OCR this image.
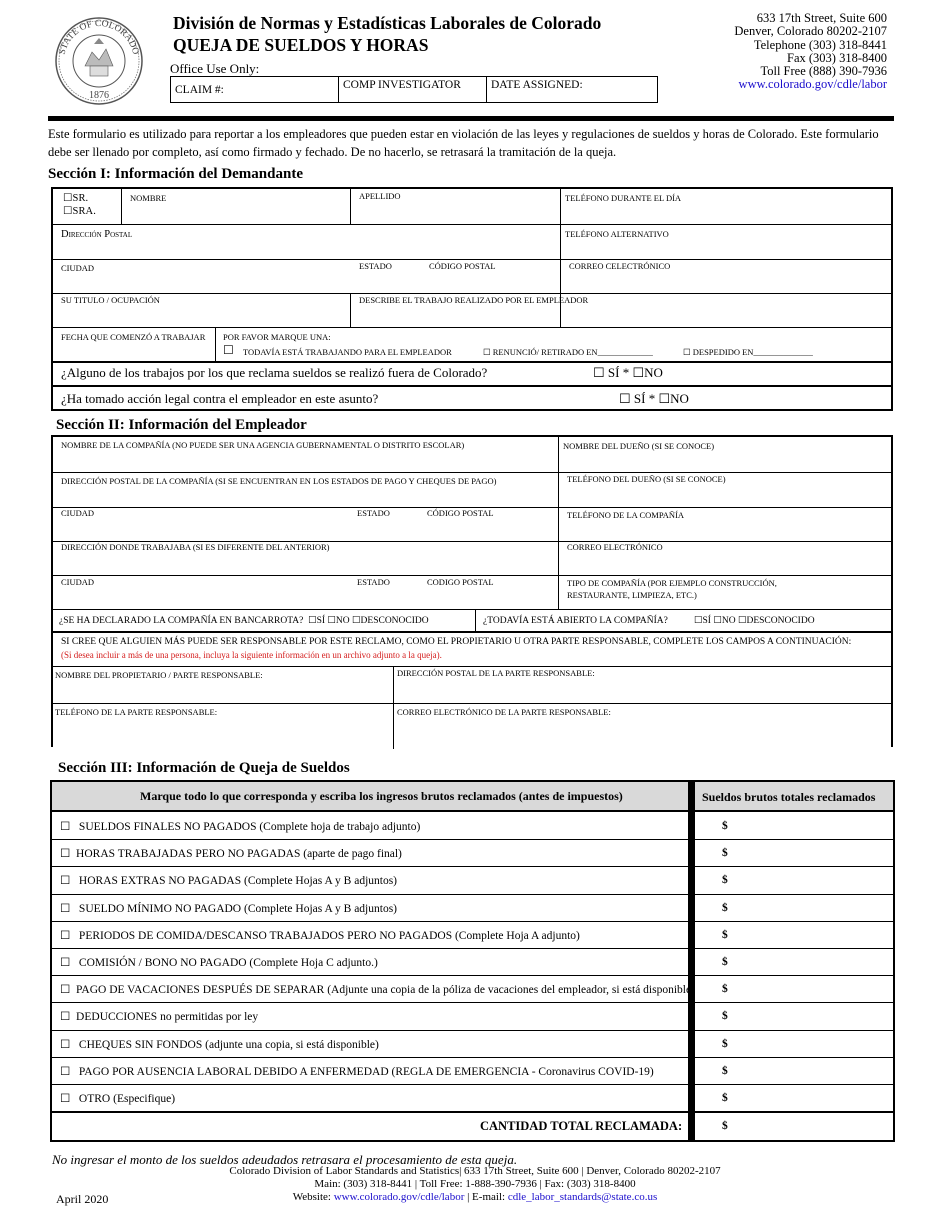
STATE OF COLORADO
1876
División de Normas y Estadísticas Laborales de Colorado
QUEJA DE SUELDOS Y HORAS
Office Use Only:
CLAIM #:	COMP INVESTIGATOR	DATE ASSIGNED:
633 17th Street, Suite 600
Denver, Colorado 80202-2107
Telephone (303) 318-8441
Fax (303) 318-8400
Toll Free (888) 390-7936
www.colorado.gov/cdle/labor
Este formulario es utilizado para reportar a los empleadores que pueden estar en violación de las leyes y regulaciones de sueldos y horas de Colorado. Este formulario debe ser llenado por completo, así como firmado y fechado. De no hacerlo, se retrasará la tramitación de la queja.
Sección I: Información del Demandante
☐SR.
☐SRA.
NOMBRE	APELLIDO	TELÉFONO DURANTE EL DÍA
Dirección Postal	TELÉFONO ALTERNATIVO
CIUDAD	ESTADO	CÓDIGO POSTAL	CORREO CELECTRÓNICO
SU TITULO / OCUPACIÓN	DESCRIBE EL TRABAJO REALIZADO POR EL EMPLEADOR
FECHA QUE COMENZÓ A TRABAJAR POR FAVOR MARQUE UNA:
☐ TODAVÍA ESTÁ TRABAJANDO PARA EL EMPLEADOR	☐ RENUNCIÓ/ RETIRADO EN_____________	☐ DESPEDIDO EN______________
¿Alguno de los trabajos por los que reclama sueldos se realizó fuera de Colorado?	☐ SÍ * ☐NO
¿Ha tomado acción legal contra el empleador en este asunto?	☐ SÍ * ☐NO
Sección II: Información del Empleador
NOMBRE DE LA COMPAÑÍA (NO PUEDE SER UNA AGENCIA GUBERNAMENTAL O DISTRITO ESCOLAR)	NOMBRE DEL DUEÑO (SI SE CONOCE)
DIRECCIÓN POSTAL DE LA COMPAÑÍA (SI SE ENCUENTRAN EN LOS ESTADOS DE PAGO Y CHEQUES DE PAGO)	TELÉFONO DEL DUEÑO (SI SE CONOCE)
CIUDAD	ESTADO	CÓDIGO POSTAL	TELÉFONO DE LA COMPAÑÍA
DIRECCIÓN DONDE TRABAJABA (SI ES DIFERENTE DEL ANTERIOR)	CORREO ELECTRÓNICO
CIUDAD	ESTADO	CODIGO POSTAL	TIPO DE COMPAÑÍA (POR EJEMPLO CONSTRUCCIÓN, RESTAURANTE, LIMPIEZA, ETC.)
¿SE HA DECLARADO LA COMPAÑÍA EN BANCARROTA?  ☐SÍ ☐NO ☐DESCONOCIDO	¿TODAVÍA ESTÁ ABIERTO LA COMPAÑÍA?           ☐SÍ ☐NO ☐DESCONOCIDO
SI CREE QUE ALGUIEN MÁS PUEDE SER RESPONSABLE POR ESTE RECLAMO, COMO EL PROPIETARIO U OTRA PARTE RESPONSABLE, COMPLETE LOS CAMPOS A CONTINUACIÓN:
(Si desea incluir a más de una persona, incluya la siguiente información en un archivo adjunto a la queja).
NOMBRE DEL PROPIETARIO / PARTE RESPONSABLE:	DIRECCIÓN POSTAL DE LA PARTE RESPONSABLE:
TELÉFONO DE LA PARTE RESPONSABLE:	CORREO ELECTRÓNICO DE LA PARTE RESPONSABLE:
Sección III: Información de Queja de Sueldos
Marque todo lo que corresponda y escriba los ingresos brutos reclamados (antes de impuestos)	Sueldos brutos totales reclamados
☐   SUELDOS FINALES NO PAGADOS (Complete hoja de trabajo adjunto)	$
☐  HORAS TRABAJADAS PERO NO PAGADAS (aparte de pago final)	$
☐   HORAS EXTRAS NO PAGADAS (Complete Hojas A y B adjuntos)	$
☐   SUELDO MÍNIMO NO PAGADO (Complete Hojas A y B adjuntos)	$
☐   PERIODOS DE COMIDA/DESCANSO TRABAJADOS PERO NO PAGADOS (Complete Hoja A adjunto)	$
☐   COMISIÓN / BONO NO PAGADO (Complete Hoja C adjunto.)	$
☐  PAGO DE VACACIONES DESPUÉS DE SEPARAR (Adjunte una copia de la póliza de vacaciones del empleador, si está disponible) $
☐  DEDUCCIONES no permitidas por ley	$
☐   CHEQUES SIN FONDOS (adjunte una copia, si está disponible)	$
☐   PAGO POR AUSENCIA LABORAL DEBIDO A ENFERMEDAD (REGLA DE EMERGENCIA - Coronavirus COVID-19)	$
☐   OTRO (Especifique)	$
CANTIDAD TOTAL RECLAMADA:	$
No ingresar el monto de los sueldos adeudados retrasara el procesamiento de esta queja.
Colorado Division of Labor Standards and Statistics| 633 17th Street, Suite 600 | Denver, Colorado 80202-2107
Main: (303) 318-8441 | Toll Free: 1-888-390-7936 | Fax: (303) 318-8400
Website: www.colorado.gov/cdle/labor | E-mail: cdle_labor_standards@state.co.us
April 2020
